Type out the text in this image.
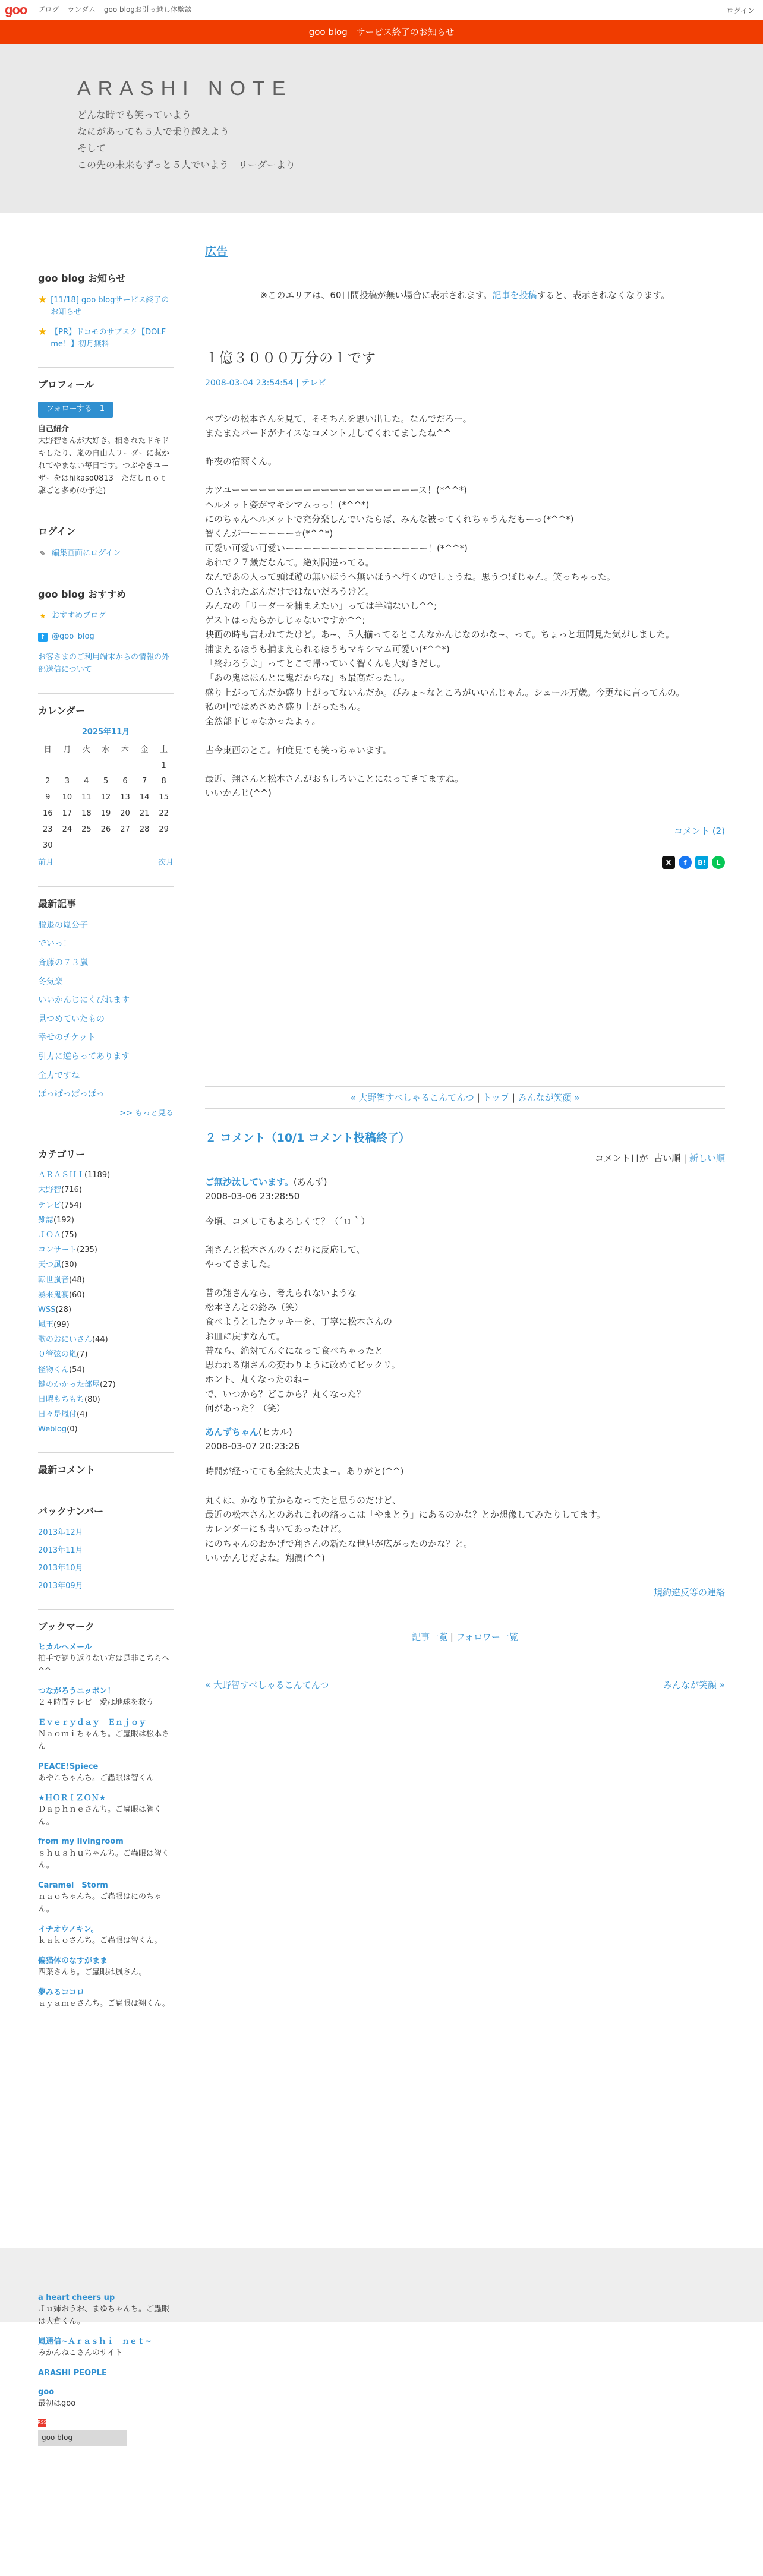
goo ブログ ランダム goo blogお引っ越し体験談	ログイン
goo blog　サービス終了のお知らせ
ARASHI NOTE
どんな時でも笑っていよう
なにがあっても５人で乗り越えよう
そして
この先の未来もずっと５人でいよう　リーダーより
goo blog お知らせ
★ [11/18] goo blogサービス終了のお知らせ
★ 【PR】ドコモのサブスク【DOLF me！】初月無料
プロフィール
フォローする　1
自己紹介
大野智さんが大好き。相されたドキドキしたり、嵐の自由人リーダーに惹かれてやまない毎日です。つぶやきユーザーをはhikaso0813　ただしｎｏｔ駆ごと多め(の予定)
ログイン
✎ 編集画面にログイン
goo blog おすすめ
★ おすすめブログ
t @goo_blog
お客さまのご利用端末からの情報の外部送信について
カレンダー
2025年11月
日	月	火	水	木	金	土
						1
2	3	4	5	6	7	8
9	10	11	12	13	14	15
16	17	18	19	20	21	22
23	24	25	26	27	28	29
30						
前月	次月
最新記事
脱退の嵐公子
でいっ！
斉藤の７３嵐
冬気楽
いいかんじにくびれます
見つめていたもの
幸せのチケット
引力に逆らってあります
全力ですね
ぽっぽっぽっぽっ
>> もっと見る
カテゴリー
ＡＲＡＳＨＩ(1189)
大野智(716)
テレビ(754)
雑誌(192)
ＪＯＡ(75)
コンサート(235)
天つ風(30)
転世嵐音(48)
暴来鬼宴(60)
WSS(28)
嵐王(99)
歌のおにいさん(44)
０管弦の嵐(7)
怪物くん(54)
鍵のかかった部屋(27)
日曜もちもち(80)
日々是嵐付(4)
Weblog(0)
最新コメント
バックナンバー
2013年12月
2013年11月
2013年10月
2013年09月
ブックマーク
ヒカルヘメール
拍手で謎り返りない方は是非こちらへ^^
つながろうニッポン！
２４時間テレビ　愛は地球を救う
Ｅｖｅｒｙｄａｙ　Ｅｎｊｏｙ
Ｎａｏｍｉちゃんち。ご蟲眼は松本さん
PEACE!Spiece
あやこちゃんち。ご蟲眼は智くん
★ＨＯＲＩＺＯＮ★
Ｄａｐｈｎｅさんち。ご蟲眼は智くん。
from my livingroom
ｓｈｕｓｈｕちゃんち。ご蟲眼は智くん。
Caramel　Storm
ｎａｏちゃんち。ご蟲眼はにのちゃん。
イチオウノキン。
ｋａｋｏさんち。ご蟲眼は智くん。
偏猫体のなすがまま
四葉さんち。ご蟲眼は嵐さん。
夢みるココロ
ａｙａｍｅさんち。ご蟲眼は翔くん。
広告
※このエリアは、60日間投稿が無い場合に表示されます。記事を投稿すると、表示されなくなります。
１億３０００万分の１です
2008-03-04 23:54:54 | テレビ
ペプシの松本さんを見て、そそちんを思い出した。なんでだろー。
またまたバードがナイスなコメント見してくれてましたね^^
昨夜の宿爾くん。
カツユーーーーーーーーーーーーーーーーーーーーース！(*^^*)
ヘルメット姿がマキシマムっっ！(*^^*)
にのちゃんヘルメットで充分楽しんでいたらば、みんな被ってくれちゃうんだもーっ(*^^*)
智くんが一ーーーーー☆(*^^*)
可愛い可愛い可愛いーーーーーーーーーーーーーーーー！(*^^*)
あれで２７歳だなんて。絶対間違ってる。
なんであの人って頭ば遊の無いほうへ無いほうへ行くのでしょうね。思うつぼじゃん。笑っちゃった。
ＯＡされたぶんだけではないだろうけど。
みんなの「リーダーを捕まえたい」っては半端ないし^^;
ゲストはったらかしじゃないですか^^;
映画の時も言われてたけど。あ~、５人揃ってるとこんなかんじなのかな~、って。ちょっと垣間見た気がしました。
捕まえるほうも捕まえられるほうもマキシマム可愛い(*^^*)
「終わろうよ」ってとこで帰っていく智くんも大好きだし。
「あの鬼はほんとに鬼だからな」も最高だったし。
盛り上がってんだか盛り上がってないんだか。ぴみょ~なところがいいんじゃん。シュール万歳。今更なに言ってんの。
私の中ではめさめさ盛り上がったもん。
全然部下じゃなかったよぅ。
古今東西のとこ。何度見ても笑っちゃいます。
最近、翔さんと松本さんがおもしろいことになってきてますね。
いいかんじ(^^)
コメント (2)
X	f	B!	L
« 大野智すべしゃるこんてんつ | トップ | みんなが笑顔 »
２ コメント（10/1 コメント投稿終了）
コメント日が 古い順 | 新しい順
ご無沙汰しています。(あんず)
2008-03-06 23:28:50
今頃、コメしてもよろしくて？（´ｕ｀）
翔さんと松本さんのくだりに反応して、
やってきました。
昔の翔さんなら、考えられないような
松本さんとの絡み（笑）
食べようとしたクッキーを、丁寧に松本さんの
お皿に戻すなんて。
普なら、絶対てんぐになって食べちゃったと
思われる翔さんの変わりように改めてビックリ。
ホント、丸くなったのね~
で、いつから？どこから？丸くなった？
何があった？（笑）
あんずちゃん(ヒカル)
2008-03-07 20:23:26
時間が経ってても全然大丈夫よ~。ありがと(^^)
丸くは、かなり前からなってたと思うのだけど、
最近の松本さんとのあれこれの絡っこは「やまとう」にあるのかな？とか想像してみたりしてます。
カレンダーにも書いてあったけど。
にのちゃんのおかげで翔さんの新たな世界が広がったのかな？と。
いいかんじだよね。翔潤(^^)
規約違反等の連絡
記事一覧 | フォロワー一覧
« 大野智すべしゃるこんてんつ	みんなが笑顔 »
a heart cheers up
Ｊｕ姉おうお、まゆちゃんち。ご蟲眼は大倉くん。
嵐通信~Ａｒａｓｈｉ　ｎｅｔ~
みかんねこさんのサイト
ARASHI PEOPLE
goo
最初はgoo
RSS
goo blog
